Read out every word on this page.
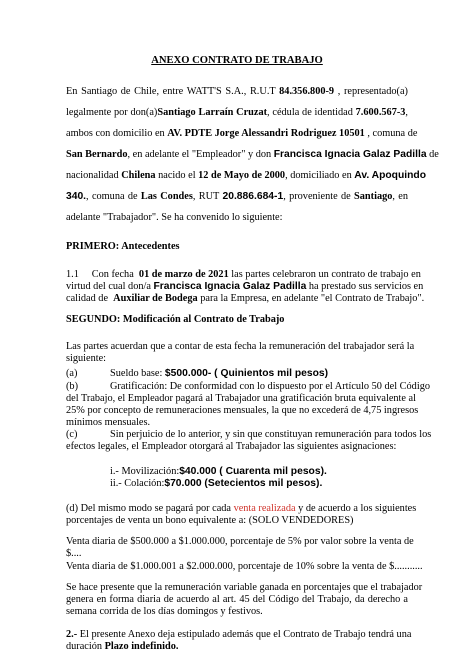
ANEXO CONTRATO DE TRABAJO
En Santiago de Chile, entre WATT'S S.A., R.U.T 84.356.800-9 , representado(a)
legalmente por don(a)Santiago Larraín Cruzat, cédula de identidad 7.600.567-3,
ambos con domicilio en AV. PDTE Jorge Alessandri Rodriguez 10501 , comuna de
San Bernardo, en adelante el "Empleador" y don Francisca Ignacia Galaz Padilla de
nacionalidad Chilena nacido el 12 de Mayo de 2000, domiciliado en Av. Apoquindo
340., comuna de Las Condes, RUT 20.886.684-1, proveniente de Santiago, en
adelante "Trabajador". Se ha convenido lo siguiente:
PRIMERO: Antecedentes
1.1     Con fecha  01 de marzo de 2021 las partes celebraron un contrato de trabajo en
virtud del cual don/a Francisca Ignacia Galaz Padilla ha prestado sus servicios en
calidad de  Auxiliar de Bodega para la Empresa, en adelante "el Contrato de Trabajo".
SEGUNDO: Modificación al Contrato de Trabajo
Las partes acuerdan que a contar de esta fecha la remuneración del trabajador será la
siguiente:
(a)	Sueldo base: $500.000- ( Quinientos mil pesos)
(b)	Gratificación: De conformidad con lo dispuesto por el Artículo 50 del Código
del Trabajo, el Empleador pagará al Trabajador una gratificación bruta equivalente al
25% por concepto de remuneraciones mensuales, la que no excederá de 4,75 ingresos
mínimos mensuales.
(c)	Sin perjuicio de lo anterior, y sin que constituyan remuneración para todos los
efectos legales, el Empleador otorgará al Trabajador las siguientes asignaciones:
i.- Movilización:$40.000 ( Cuarenta mil pesos).
ii.- Colación:$70.000 (Setecientos mil pesos).
(d) Del mismo modo se pagará por cada venta realizada y de acuerdo a los siguientes
porcentajes de venta un bono equivalente a: (SOLO VENDEDORES)
Venta diaria de $500.000 a $1.000.000, porcentaje de 5% por valor sobre la venta de
$....
Venta diaria de $1.000.001 a $2.000.000, porcentaje de 10% sobre la venta de $...........
Se hace presente que la remuneración variable ganada en porcentajes que el trabajador
genera en forma diaria de acuerdo al art. 45 del Código del Trabajo, da derecho a
semana corrida de los días domingos y festivos.
2.- El presente Anexo deja estipulado además que el Contrato de Trabajo tendrá una
duración Plazo indefinido.
